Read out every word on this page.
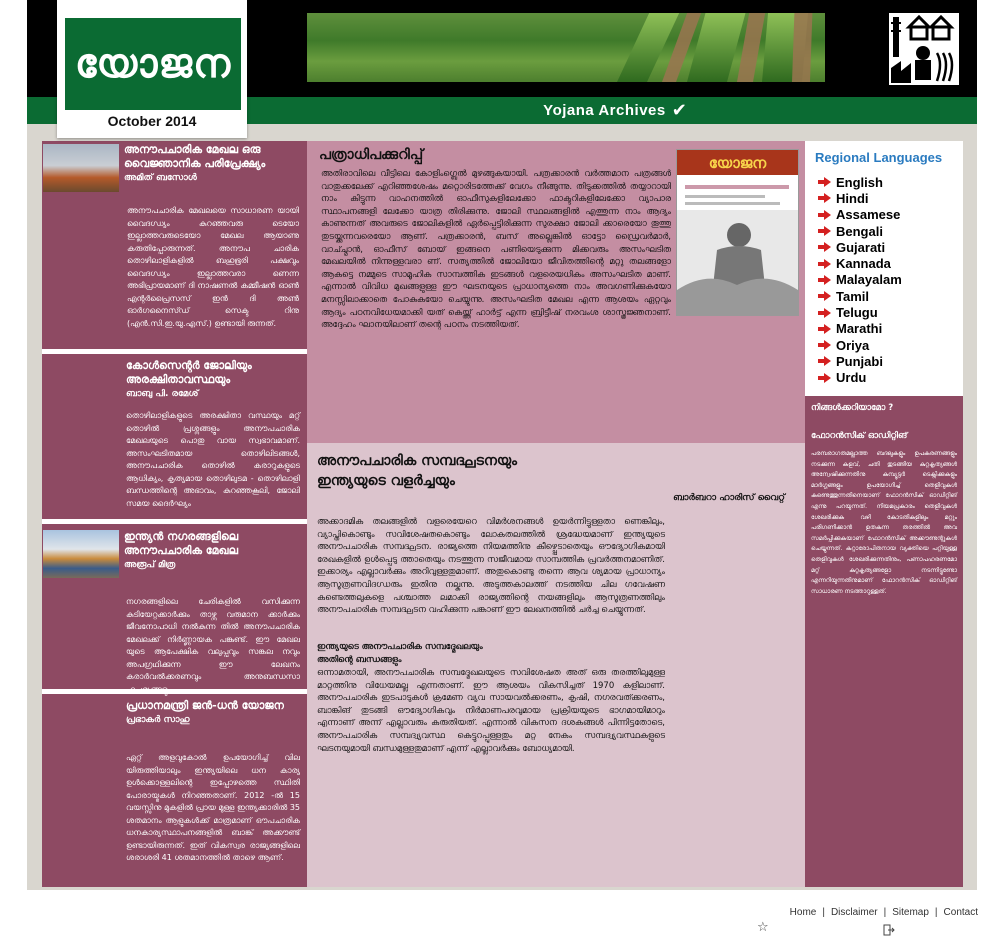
യോജന
October 2014
Yojana Archives ✔
അനൗപചാരിക മേഖല ഒരു വൈജ്ഞാനിക പരിപ്രേക്ഷ്യം
അമിത് ബസോൾ
അനൗപചാരിക മേഖലയെ സാധാരണ യായി വൈദഗ്ധ്യം കുറഞ്ഞവരു ടെയോ ഇല്ലാത്തവരുടെയോ മേഖല ആയാണു കരുതിപ്പോരുന്നത്. അനൗപ ചാരിക തൊഴിലാളികളിൽ ബഹുഭൂരി പക്ഷവും വൈദഗ്ധ്യം ഇല്ലാത്തവരാ ണെന്ന അഭിപ്രായമാണ് ദി നാഷണൽ കമ്മീഷൻ ഓൺ എന്റർപ്രൈസസ് ഇൻ ദി അൺ ഓർഗനൈസ്ഡ് സെക്ട റിനു (എൻ.സി.ഇ.യു.എസ്.) ഉണ്ടായി രുന്നത്.
കോൾസെന്റർ ജോലിയും അരക്ഷിതാവസ്ഥയും
ബാബു പി. രമേശ്
തൊഴിലാളികളുടെ അരക്ഷിതാ വസ്ഥയും മറ്റ് തൊഴിൽ പ്രശ്നങ്ങളും അനൗപചാരിക മേഖലയുടെ പൊതു വായ സ്വഭാവമാണ്. അസംഘടിതമായ തൊഴിലിടങ്ങൾ, അനൗപചാരിക തൊഴിൽ കരാറുകളുടെ ആധിക്യം, കൃത്യമായ തൊഴിലുടമ - തൊഴിലാളി ബന്ധത്തിന്റെ അഭാവം, കുറഞ്ഞകൂലി, ജോലി സമയ ദൈർഘ്യം
ഇന്ത്യൻ നഗരങ്ങളിലെ അനൗപചാരിക മേഖല
അരൂപ് മിത്ര
നഗരങ്ങളിലെ ചേരികളിൽ വസിക്കുന്ന കുടിയേറ്റക്കാർക്കും താഴ്ന്ന വരുമാന ക്കാർക്കും ജീവനോപാധി നൽകുന്ന തിൽ അനൗപചാരിക മേഖലക്ക് നിർണ്ണായക പങ്കുണ്ട്. ഈ മേഖല യുടെ ആപേക്ഷിക വലുപ്പവും സങ്കല നവും അപഗ്രഥിക്കുന്ന ഈ ലേഖനം കരാർവൽക്കരണവും അനുബന്ധസാ
പ്രധാനമന്ത്രി ജൻ-ധൻ യോജന
പ്രഭാകർ സാഹു
ഏറ്റ് അളവുകോൽ ഉപയോഗിച്ച് വില യിരുത്തിയാലും ഇന്ത്യയിലെ ധന കാര്യ ഉൾക്കൊള്ളലിന്റെ ഇപ്പോഴത്തെ സ്ഥിതി പോരായ്മകൾ നിറഞ്ഞതാണ്. 2012 -ൽ 15 വയസ്സിനു മുകളിൽ പ്രായ മുള്ള ഇന്ത്യക്കാരിൽ 35 ശതമാനം ആളുകൾക്ക് മാത്രമാണ് ഔപചാരിക ധനകാര്യസ്ഥാപനങ്ങളിൽ ബാങ്ക് അക്കൗണ്ട് ഉണ്ടായിരുന്നത്. ഇത് വികസ്വര രാജ്യങ്ങളിലെ ശരാശരി 41 ശതമാനത്തിൽ താഴെ ആണ്.
പത്രാധിപക്കുറിപ്പ്
അതിരാവിലെ വീട്ടിലെ കോളിംഗ്ബെൽ മുഴങ്ങുകയായി. പത്രക്കാരൻ വർത്തമാന പത്രങ്ങൾ വാതുക്കലേക്ക് എറിഞ്ഞശേഷം മറ്റൊരിടത്തേക്ക് വേഗം നീങ്ങുന്നു. തിടുക്കത്തിൽ തയ്യാറായി നാം കിട്ടുന്ന വാഹനത്തിൽ ഓഫീസുകളിലേക്കോ ഫാക്ടറികളിലേക്കോ വ്യാപാര സ്ഥാപനങ്ങളി ലേക്കോ യാത്ര തിരിക്കുന്നു. ജോലി സ്ഥലങ്ങളിൽ എത്തുന്ന നാം ആദ്യം കാണുന്നത് അവരുടെ ജോലികളിൽ ഏർപ്പെട്ടിരിക്കുന്ന സുരക്ഷാ ജോലി ക്കാരെയോ തൂത്തു തുടയ്ക്കുന്നവരെയോ ആണ്. പത്രക്കാരൻ, ബസ് അല്ലെങ്കിൽ ഓട്ടോ ഡ്രൈവർമാർ, വാച്ച്മാൻ, ഓഫീസ് ബോയ് ഇങ്ങനെ പണിയെടുക്കുന്ന മിക്കവരും അസംഘടിത മേഖലയിൽ നിന്നുള്ളവരാ ണ്. സത്യത്തിൽ ജോലിയോ ജീവിതത്തിന്റെ മറ്റു തലങ്ങളോ ആകട്ടെ നമ്മുടെ സാമൂഹിക സാമ്പത്തിക ഇടങ്ങൾ വളരെയധികം അസംഘടിത മാണ്. എന്നാൽ വിവിധ മുഖങ്ങളുള്ള ഈ ഘടനയുടെ പ്രാധാന്യത്തെ നാം അവഗണിക്കുകയോ മനസ്സിലാക്കാതെ പോകുകയോ ചെയ്യുന്നു. അസംഘടിത മേഖല എന്ന ആശയം ഏറ്റവും ആദ്യം പഠനവിധേയമാക്കി യത് കെയ്ത്ത് ഹാർട്ട് എന്ന ബ്രിട്ടീഷ് നരവംശ ശാസ്ത്രജ്ഞനാണ്. അദ്ദേഹം ഘാനയിലാണ് തന്റെ പഠനം നടത്തിയത്.
യോജന
അനൗപചാരിക സമ്പദ്ഘടനയും
ഇന്ത്യയുടെ വളർച്ചയും
ബാർബറാ ഹാരിസ് വൈറ്റ്
അക്കാദമിക തലങ്ങളിൽ വളരെയേറെ വിമർശനങ്ങൾ ഉയർന്നിട്ടുള്ളതാ ണെങ്കിലും, വ്യാപ്തികൊണ്ടും സവിശേഷതകൊണ്ടും ലോകതലത്തിൽ ശ്രദ്ധേയമാണ് ഇന്ത്യയുടെ അനൗപചാരിക സമ്പദ്ഘടന. രാജ്യത്തെ നിയമത്തിനു കീഴ്പ്പെടാതെയും ഔദ്യോഗികമായി രേഖകളിൽ ഉൾപ്പെടു ത്താതെയും നടത്തുന്ന സജീവമായ സാമ്പത്തിക പ്രവർത്തനമാണിത്. ഇക്കാര്യം എല്ലാവർക്കും അറിവുള്ളതുമാണ്. അതുകൊണ്ടു തന്നെ ആവ ശ്യമായ പ്രാധാന്യം ആസൂത്രണവിദഗ്ധരും ഇതിനു നല്കുന്നു. അടുത്തകാലത്ത് നടത്തിയ ചില ഗവേഷണ കണ്ടെത്തലുകളെ പശ്ചാത്ത ലമാക്കി രാജ്യത്തിന്റെ നയങ്ങളിലും ആസൂത്രണത്തിലും അനൗപചാരിക സമ്പദ്ഘടന വഹിക്കുന്ന പങ്കാണ് ഈ ലേഖനത്തിൽ ചർച്ച ചെയ്യുന്നത്.
ഇന്ത്യയുടെ അനൗപചാരിക സമ്പദ്മേഖലയും
അതിന്റെ ബന്ധങ്ങളും
ഒന്നാമതായി, അനൗപചാരിക സമ്പദ്മേഖലയുടെ സവിശേഷത അത് ഒരു തരത്തിലുമുള്ള മാറ്റത്തിനു വിധേയമല്ല എന്നതാണ്. ഈ ആശയം വികസിച്ചത് 1970 കളിലാണ്. അനൗപചാരിക ഇടപാടുകൾ ക്രമേണ വ്യവ സായവൽക്കരണം, കൃഷി, നഗരവത്ക്കരണം, ബാങ്കിങ് തുടങ്ങി ഔദ്യോഗികവും നിർമാണപരവുമായ പ്രക്രിയയുടെ ഭാഗമായിമാറും എന്നാണ് അന്ന് എല്ലാവരും കരുതിയത്. എന്നാൽ വികസന ദശകങ്ങൾ പിന്നിട്ടതോടെ, അനൗപചാരിക സമ്പദ്വ്യവസ്ഥ കെട്ടുറപ്പുള്ളതും മറ്റ നേകം സമ്പദ്വ്യവസ്ഥകളുടെ ഘടനയുമായി ബന്ധമുള്ളതുമാണ് എന്ന് എല്ലാവർക്കും ബോധ്യമായി.
Regional Languages
English
Hindi
Assamese
Bengali
Gujarati
Kannada
Malayalam
Tamil
Telugu
Marathi
Oriya
Punjabi
Urdu
നിങ്ങൾക്കറിയാമോ ?
ഫോറൻസിക് ഓഡിറ്റിങ്
പരമ്പരാഗതമല്ലാത്ത ബദലുകളും ഉപകരണങ്ങളും നടക്കുന്ന കളവ്, ചതി തുടങ്ങിയ കുറ്റകൃത്യങ്ങൾ അന്വേഷിക്കുന്നതിനു കമ്പ്യൂട്ടർ ടെക്നിക്കുകളും മാർഗ്ഗങ്ങളും ഉപയോഗിച്ച് തെളിവുകൾ കണ്ടെത്തുന്നതിനെയാണ് ഫോറൻസിക് ഓഡിറ്റിങ് എന്നു പറയുന്നത്. നിയമപ്രകാരം തെളിവുകൾ ശേഖരിക്കുക വഴി കോടതികളിലും മറ്റും പരിഗണിക്കാൻ ഉതകുന്ന തരത്തിൽ അവ സമർപ്പിക്കുകയാണ് ഫോറൻസിക് അക്കൗണ്ടന്റുകൾ ചെയ്യുന്നത്. കുറ്റാരോപിതനായ വ്യക്തിയെ പറ്റിയുള്ള തെളിവുകൾ ശേഖരിക്കുന്നതിനും, പണാപഹരണമോ മറ്റ് കുറ്റകൃത്യങ്ങളോ നടന്നിട്ടുണ്ടോ എന്നറിയുന്നതിനുമാണ് ഫോറൻസിക് ഓഡിറ്റിങ് സാധാരണ നടത്താറുള്ളത്.
Home | Disclaimer | Sitemap | Contact
☆
